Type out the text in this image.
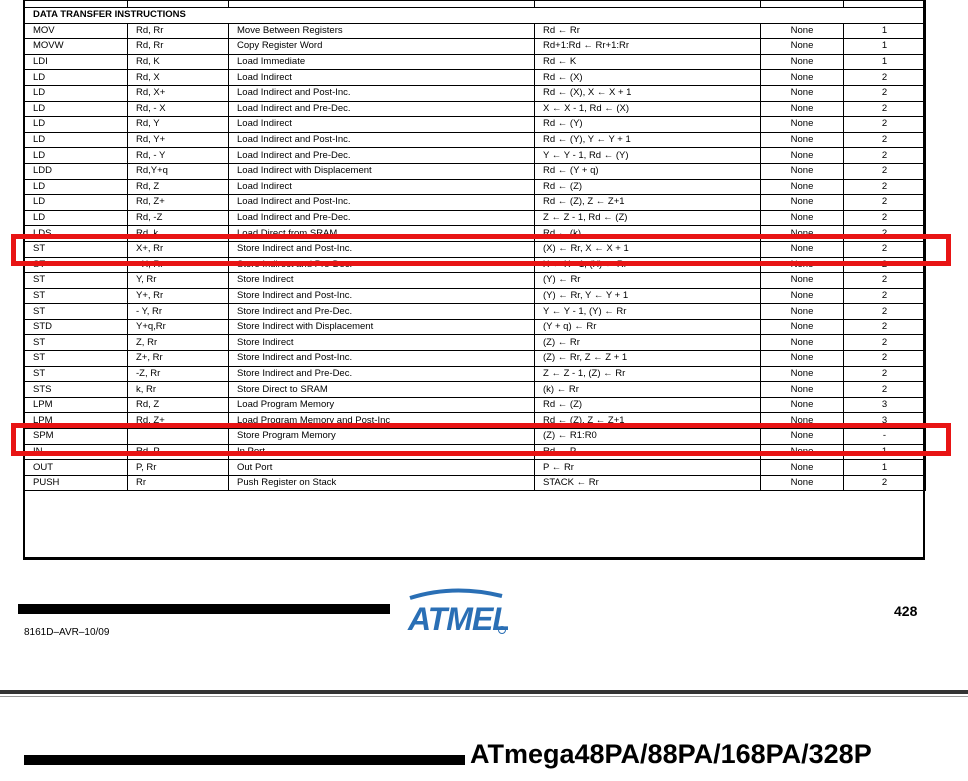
DATA TRANSFER INSTRUCTIONS					
MOV	Rd, Rr	Move Between Registers	Rd ← Rr	None	1
MOVW	Rd, Rr	Copy Register Word	Rd+1:Rd ← Rr+1:Rr	None	1
LDI	Rd, K	Load Immediate	Rd ← K	None	1
LD	Rd, X	Load Indirect	Rd ← (X)	None	2
LD	Rd, X+	Load Indirect and Post-Inc.	Rd ← (X), X ← X + 1	None	2
LD	Rd, - X	Load Indirect and Pre-Dec.	X ← X - 1, Rd ← (X)	None	2
LD	Rd, Y	Load Indirect	Rd ← (Y)	None	2
LD	Rd, Y+	Load Indirect and Post-Inc.	Rd ← (Y), Y ← Y + 1	None	2
LD	Rd, - Y	Load Indirect and Pre-Dec.	Y ← Y - 1, Rd ← (Y)	None	2
LDD	Rd,Y+q	Load Indirect with Displacement	Rd ← (Y + q)	None	2
LD	Rd, Z	Load Indirect	Rd ← (Z)	None	2
LD	Rd, Z+	Load Indirect and Post-Inc.	Rd ← (Z), Z ← Z+1	None	2
LD	Rd, -Z	Load Indirect and Pre-Dec.	Z ← Z - 1, Rd ← (Z)	None	2
LDS	Rd, k	Load Direct from SRAM	Rd ← (k)	None	2
ST	X+, Rr	Store Indirect and Post-Inc.	(X) ← Rr, X ← X + 1	None	2
ST	- X, Rr	Store Indirect and Pre-Dec.	X ← X - 1, (X) ← Rr	None	2
ST	Y, Rr	Store Indirect	(Y) ← Rr	None	2
ST	Y+, Rr	Store Indirect and Post-Inc.	(Y) ← Rr, Y ← Y + 1	None	2
ST	- Y, Rr	Store Indirect and Pre-Dec.	Y ← Y - 1, (Y) ← Rr	None	2
STD	Y+q,Rr	Store Indirect with Displacement	(Y + q) ← Rr	None	2
ST	Z, Rr	Store Indirect	(Z) ← Rr	None	2
ST	Z+, Rr	Store Indirect and Post-Inc.	(Z) ← Rr, Z ← Z + 1	None	2
ST	-Z, Rr	Store Indirect and Pre-Dec.	Z ← Z - 1, (Z) ← Rr	None	2
STS	k, Rr	Store Direct to SRAM	(k) ← Rr	None	2
LPM	Rd, Z	Load Program Memory	Rd ← (Z)	None	3
LPM	Rd, Z+	Load Program Memory and Post-Inc	Rd ← (Z), Z ← Z+1	None	3
SPM		Store Program Memory	(Z) ← R1:R0	None	-
IN	Rd, P	In Port	Rd ← P	None	1
OUT	P, Rr	Out Port	P ← Rr	None	1
PUSH	Rr	Push Register on Stack	STACK ← Rr	None	2
ATMEL	428
8161D–AVR–10/09
ATmega48PA/88PA/168PA/328P
